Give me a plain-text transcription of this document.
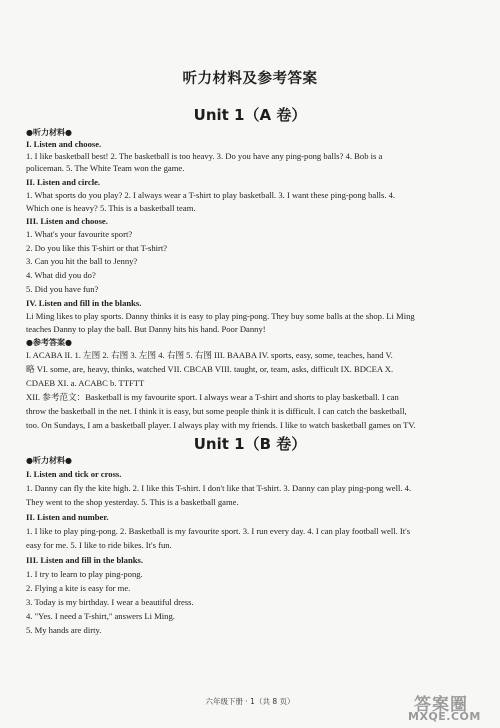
听力材料及参考答案
Unit 1（A 卷）
●听力材料●
I. Listen and choose.
1. I like basketball best! 2. The basketball is too heavy. 3. Do you have any ping-pong balls? 4. Bob is a
policeman. 5. The White Team won the game.
II. Listen and circle.
1. What sports do you play? 2. I always wear a T-shirt to play basketball. 3. I want these ping-pong balls. 4.
Which one is heavy? 5. This is a basketball team.
III. Listen and choose.
1. What's your favourite sport?
2. Do you like this T-shirt or that T-shirt?
3. Can you hit the ball to Jenny?
4. What did you do?
5. Did you have fun?
IV. Listen and fill in the blanks.
Li Ming likes to play sports. Danny thinks it is easy to play ping-pong. They buy some balls at the shop. Li Ming
teaches Danny to play the ball. But Danny hits his hand. Poor Danny!
●参考答案●
I. ACABA II. 1. 左图 2. 右图 3. 左图 4. 右图 5. 右图 III. BAABA IV. sports, easy, some, teaches, hand V.
略 VI. some, are, heavy, thinks, watched VII. CBCAB VIII. taught, or, team, asks, difficult IX. BDCEA X.
CDAEB XI. a. ACABC b. TTFTT
XII. 参考范文：Basketball is my favourite sport. I always wear a T-shirt and shorts to play basketball. I can
throw the basketball in the net. I think it is easy, but some people think it is difficult. I can catch the basketball,
too. On Sundays, I am a basketball player. I always play with my friends. I like to watch basketball games on TV.
Unit 1（B 卷）
●听力材料●
I. Listen and tick or cross.
1. Danny can fly the kite high. 2. I like this T-shirt. I don't like that T-shirt. 3. Danny can play ping-pong well. 4.
They went to the shop yesterday. 5. This is a basketball game.
II. Listen and number.
1. I like to play ping-pong. 2. Basketball is my favourite sport. 3. I run every day. 4. I can play football well. It's
easy for me. 5. I like to ride bikes. It's fun.
III. Listen and fill in the blanks.
1. I try to learn to play ping-pong.
2. Flying a kite is easy for me.
3. Today is my birthday. I wear a beautiful dress.
4. "Yes. I need a T-shirt," answers Li Ming.
5. My hands are dirty.
六年级下册 · 1（共 8 页）	答案圈
MXQE.COM
